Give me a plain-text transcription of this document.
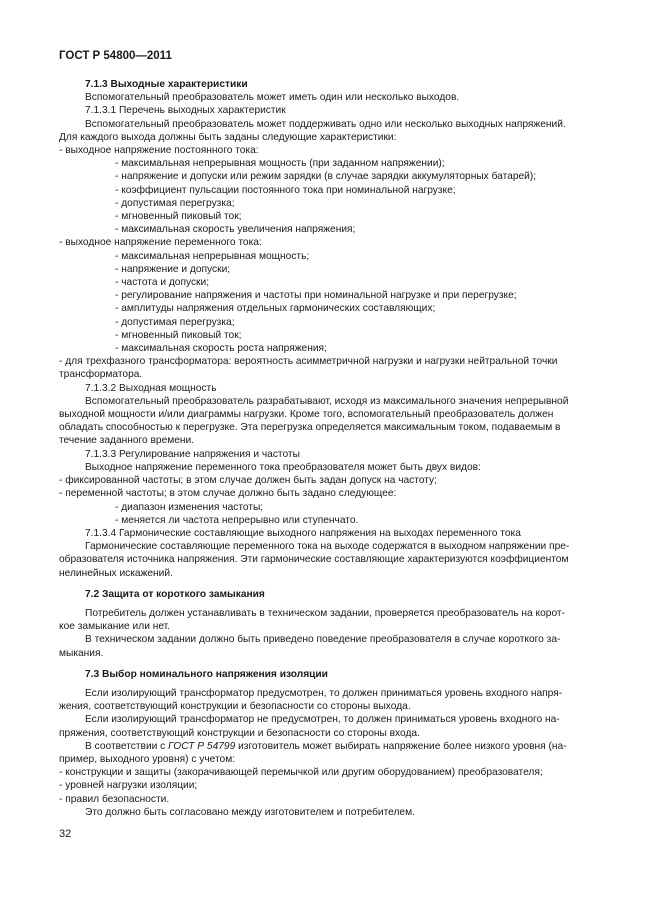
ГОСТ Р 54800—2011

7.1.3 Выходные характеристики

Вспомогательный преобразователь может иметь один или несколько выходов.

7.1.3.1 Перечень выходных характеристик

Вспомогательный преобразователь может поддерживать одно или несколько выходных напряжений.

Для каждого выхода должны быть заданы следующие характеристики:

- выходное напряжение постоянного тока:

- максимальная непрерывная мощность (при заданном напряжении);

- напряжение и допуски или режим зарядки (в случае зарядки аккумуляторных батарей);

- коэффициент пульсации постоянного тока при номинальной нагрузке;

- допустимая перегрузка;

- мгновенный пиковый ток;

- максимальная скорость увеличения напряжения;

- выходное напряжение переменного тока:

- максимальная непрерывная мощность;

- напряжение и допуски;

- частота и допуски;

- регулирование напряжения и частоты при номинальной нагрузке и при перегрузке;

- амплитуды напряжения отдельных гармонических составляющих;

- допустимая перегрузка;

- мгновенный пиковый ток;

- максимальная скорость роста напряжения;

- для трехфазного трансформатора: вероятность асимметричной нагрузки и нагрузки нейтральной точки

трансформатора.

7.1.3.2 Выходная мощность

Вспомогательный преобразователь разрабатывают, исходя из максимального значения непрерывной

выходной мощности и/или диаграммы нагрузки. Кроме того, вспомогательный преобразователь должен

обладать способностью к перегрузке. Эта перегрузка определяется максимальным током, подаваемым в

течение заданного времени.

7.1.3.3 Регулирование напряжения и частоты

Выходное напряжение переменного тока преобразователя может быть двух видов:

- фиксированной частоты; в этом случае должен быть задан допуск на частоту;

- переменной частоты; в этом случае должно быть задано следующее:

- диапазон изменения частоты;

- меняется ли частота непрерывно или ступенчато.

7.1.3.4 Гармонические составляющие выходного напряжения на выходах переменного тока

Гармонические составляющие переменного тока на выходе содержатся в выходном напряжении пре-

образователя источника напряжения. Эти гармонические составляющие характеризуются коэффициентом

нелинейных искажений.

7.2 Защита от короткого замыкания

Потребитель должен устанавливать в техническом задании, проверяется преобразователь на корот-

кое замыкание или нет.

В техническом задании должно быть приведено поведение преобразователя в случае короткого за-

мыкания.

7.3 Выбор номинального напряжения изоляции

Если изолирующий трансформатор предусмотрен, то должен приниматься уровень входного напря-

жения, соответствующий конструкции и безопасности со стороны выхода.

Если изолирующий трансформатор не предусмотрен, то должен приниматься уровень входного на-

пряжения, соответствующий конструкции и безопасности со стороны входа.

В соответствии с ГОСТ Р 54799 изготовитель может выбирать напряжение более низкого уровня (на-

пример, выходного уровня) с учетом:

- конструкции и защиты (закорачивающей перемычкой или другим оборудованием) преобразователя;

- уровней нагрузки изоляции;

- правил безопасности.

Это должно быть согласовано между изготовителем и потребителем.

32
